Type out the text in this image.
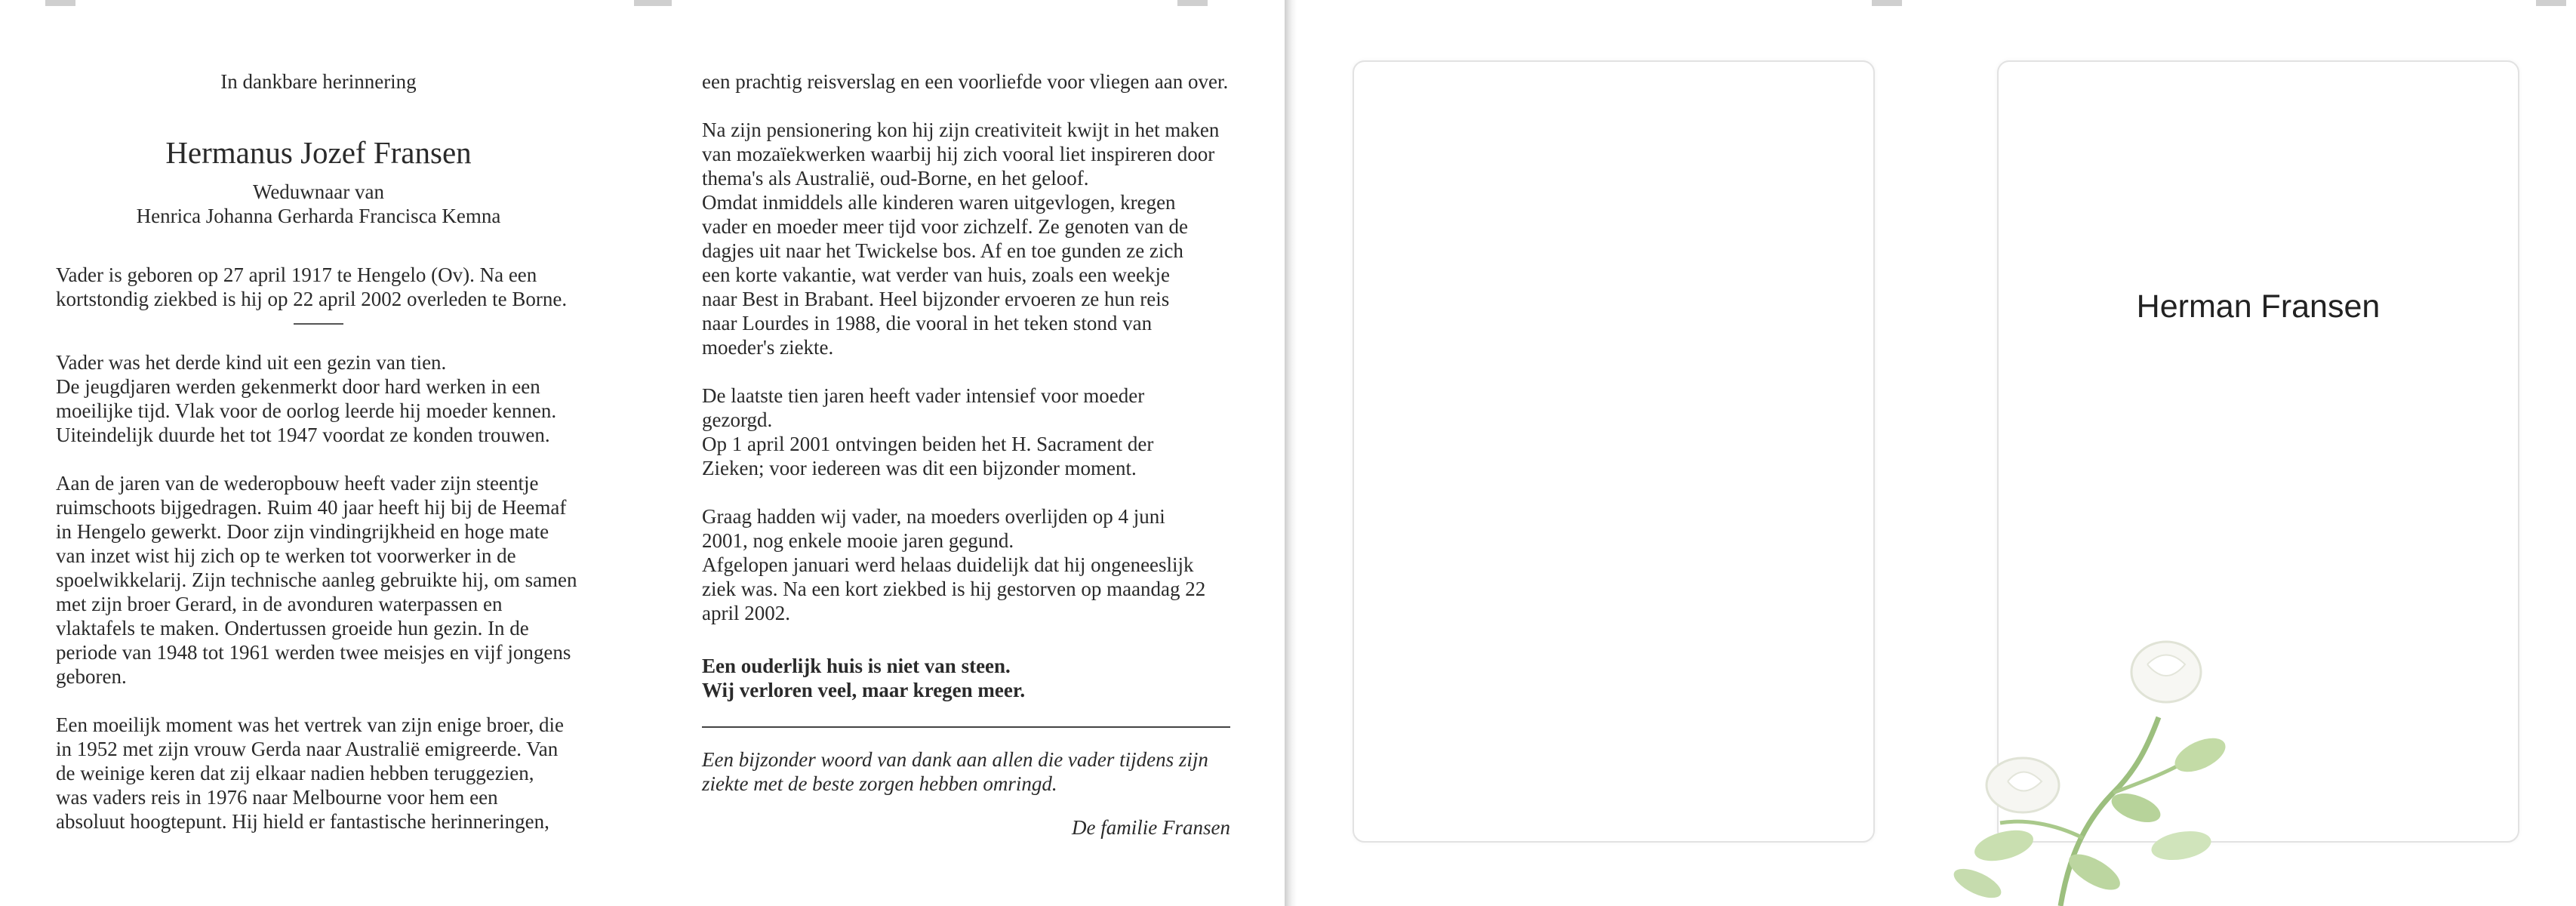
In dankbare herinnering

Hermanus Jozef Fransen

Weduwnaar van

Henrica Johanna Gerharda Francisca Kemna

Vader is geboren op 27 april 1917 te Hengelo (Ov). Na een

kortstondig ziekbed is hij op 22 april 2002 overleden te Borne.

Vader was het derde kind uit een gezin van tien.

De jeugdjaren werden gekenmerkt door hard werken in een

moeilijke tijd. Vlak voor de oorlog leerde hij moeder kennen.

Uiteindelijk duurde het tot 1947 voordat ze konden trouwen.

Aan de jaren van de wederopbouw heeft vader zijn steentje

ruimschoots bijgedragen. Ruim 40 jaar heeft hij bij de Heemaf

in Hengelo gewerkt. Door zijn vindingrijkheid en hoge mate

van inzet wist hij zich op te werken tot voorwerker in de

spoelwikkelarij. Zijn technische aanleg gebruikte hij, om samen

met zijn broer Gerard, in de avonduren waterpassen en

vlaktafels te maken. Ondertussen groeide hun gezin. In de

periode van 1948 tot 1961 werden twee meisjes en vijf jongens

geboren.

Een moeilijk moment was het vertrek van zijn enige broer, die

in 1952 met zijn vrouw Gerda naar Australië emigreerde. Van

de weinige keren dat zij elkaar nadien hebben teruggezien,

was vaders reis in 1976 naar Melbourne voor hem een

absoluut hoogtepunt. Hij hield er fantastische herinneringen,

een prachtig reisverslag en een voorliefde voor vliegen aan over.

Na zijn pensionering kon hij zijn creativiteit kwijt in het maken

van mozaïekwerken waarbij hij zich vooral liet inspireren door

thema's als Australië, oud-Borne, en het geloof.

Omdat inmiddels alle kinderen waren uitgevlogen, kregen

vader en moeder meer tijd voor zichzelf. Ze genoten van de

dagjes uit naar het Twickelse bos. Af en toe gunden ze zich

een korte vakantie, wat verder van huis, zoals een weekje

naar Best in Brabant. Heel bijzonder ervoeren ze hun reis

naar Lourdes in 1988, die vooral in het teken stond van

moeder's ziekte.

De laatste tien jaren heeft vader intensief voor moeder

gezorgd.

Op 1 april 2001 ontvingen beiden het H. Sacrament der

Zieken; voor iedereen was dit een bijzonder moment.

Graag hadden wij vader, na moeders overlijden op 4 juni

2001, nog enkele mooie jaren gegund.

Afgelopen januari werd helaas duidelijk dat hij ongeneeslijk

ziek was. Na een kort ziekbed is hij gestorven op maandag 22

april 2002.

Een ouderlijk huis is niet van steen.

Wij verloren veel, maar kregen meer.

Een bijzonder woord van dank aan allen die vader tijdens zijn

ziekte met de beste zorgen hebben omringd.

De familie Fransen

Herman Fransen
